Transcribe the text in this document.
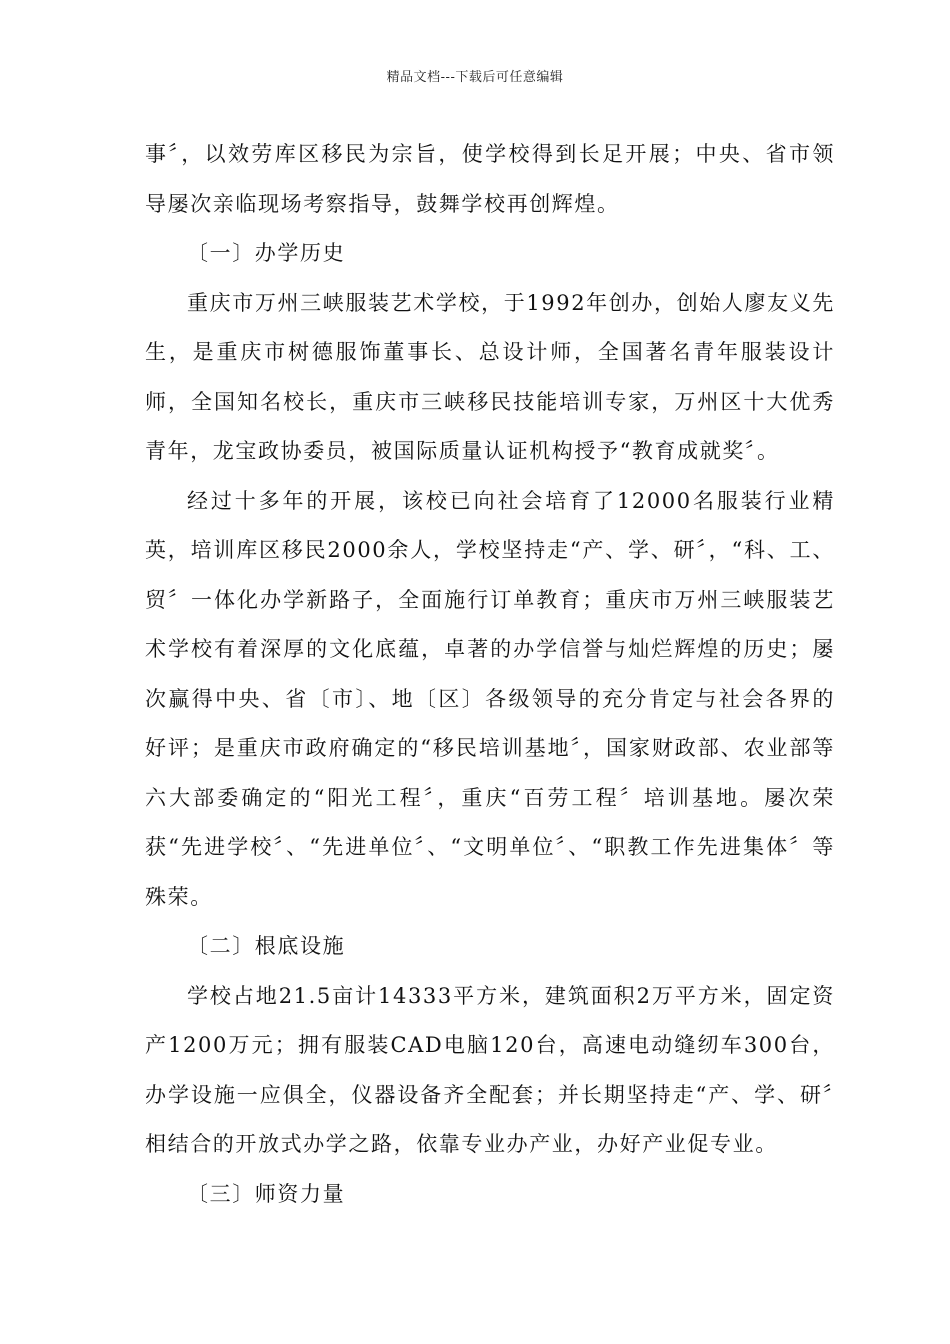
精品文档---下载后可任意编辑

事〞，以效劳库区移民为宗旨，使学校得到长足开展；中央、省市领导屡次亲临现场考察指导，鼓舞学校再创辉煌。

〔一〕办学历史

重庆市万州三峡服装艺术学校，于1992年创办，创始人廖友义先生，是重庆市树德服饰董事长、总设计师，全国著名青年服装设计师，全国知名校长，重庆市三峡移民技能培训专家，万州区十大优秀青年，龙宝政协委员，被国际质量认证机构授予“教育成就奖〞。

经过十多年的开展，该校已向社会培育了12000名服装行业精英，培训库区移民2000余人，学校坚持走“产、学、研〞，“科、工、贸〞一体化办学新路子，全面施行订单教育；重庆市万州三峡服装艺术学校有着深厚的文化底蕴，卓著的办学信誉与灿烂辉煌的历史；屡次赢得中央、省〔市〕、地〔区〕各级领导的充分肯定与社会各界的好评；是重庆市政府确定的“移民培训基地〞，国家财政部、农业部等六大部委确定的“阳光工程〞，重庆“百劳工程〞培训基地。屡次荣获“先进学校〞、“先进单位〞、“文明单位〞、“职教工作先进集体〞等殊荣。

〔二〕根底设施

学校占地21.5亩计14333平方米，建筑面积2万平方米，固定资产1200万元；拥有服装CAD电脑120台，高速电动缝纫车300台，办学设施一应俱全，仪器设备齐全配套；并长期坚持走“产、学、研〞相结合的开放式办学之路，依靠专业办产业，办好产业促专业。

〔三〕师资力量
